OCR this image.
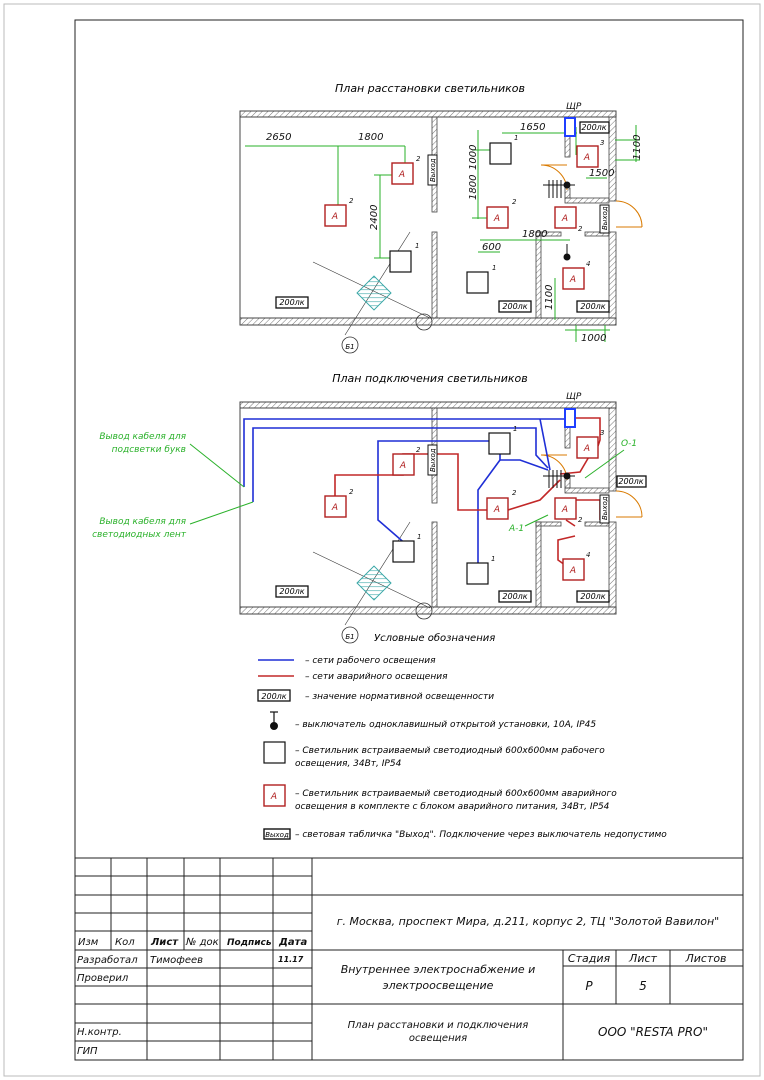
План расстановки светильников
2650	1800
2400
1000
1800
1650
1100
1500
1800
600
1100
1000
Б1
Выход
Выход
ЩР
200лк	200лк	200лк
200лк
А
А	А
А
А
А
1
1
1
2
2	2
2
3
4
План подключения светильников
Б1
Вывод кабеля для
подсветки букв
Вывод кабеля для
светодиодных лент
О-1
А-1
Выход
Выход
ЩР
200лк
200лк	200лк
200лк
А
А	А
А
А
А
1
1
1
2
2	2
2
3
4
Условные обозначения
– сети рабочего освещения
– сети аварийного освещения
200лк – значение нормативной освещенности
– выключатель одноклавишный открытой установки, 10А, IP45
– Светильник встраиваемый светодиодный 600х600мм рабочего
освещения, 34Вт, IP54
А – Светильник встраиваемый светодиодный 600х600мм аварийного
освещения в комплекте с блоком аварийного питания, 34Вт, IP54
Выход – световая табличка "Выход". Подключение через выключатель недопустимо
Изм Кол Лист № док Подпись Дата
Разработал Тимофеев	11.17
Проверил
Н.контр.
ГИП
г. Москва, проспект Мира, д.211, корпус 2, ТЦ "Золотой Вавилон"
Внутреннее электроснабжение и
электроосвещение
План расстановки и подключения
освещения
Стадия Лист	Листов
Р	5
ООО "RESTA PRO"
